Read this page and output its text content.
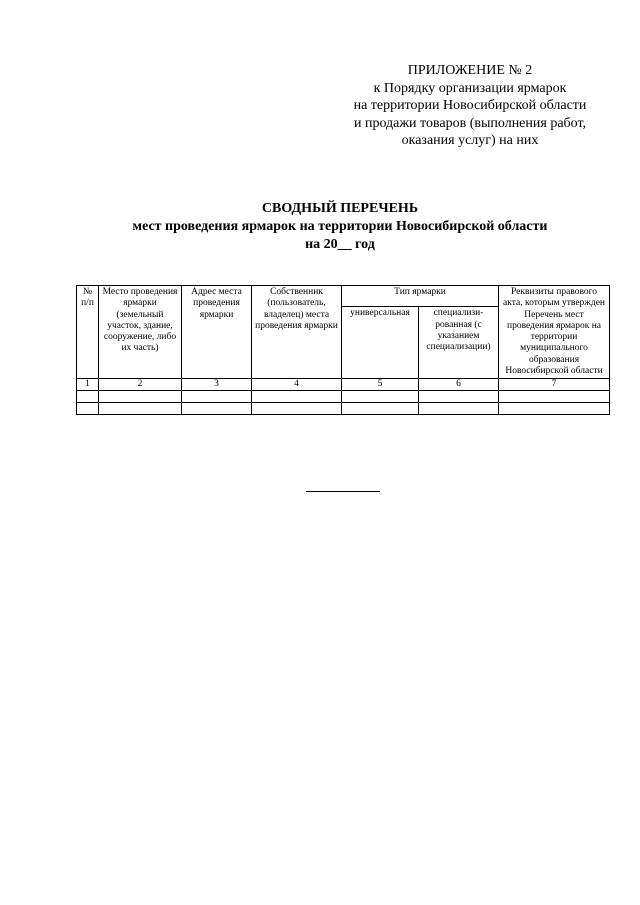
ПРИЛОЖЕНИЕ № 2
к Порядку организации ярмарок
на территории Новосибирской области
и продажи товаров (выполнения работ,
оказания услуг) на них
СВОДНЫЙ ПЕРЕЧЕНЬ
мест проведения ярмарок на территории Новосибирской области
на 20__ год
№ п/п	Место проведения ярмарки (земельный участок, здание, сооружение, либо их часть)	Адрес места проведения ярмарки	Собственник (пользователь, владелец) места проведения ярмарки	Тип ярмарки		Реквизиты правового акта, которым утвержден Перечень мест проведения ярмарок на территории муниципального образования Новосибирской области
				универсальная	специализи-рованная (с указанием специализации)	
1	2	3	4	5	6	7
